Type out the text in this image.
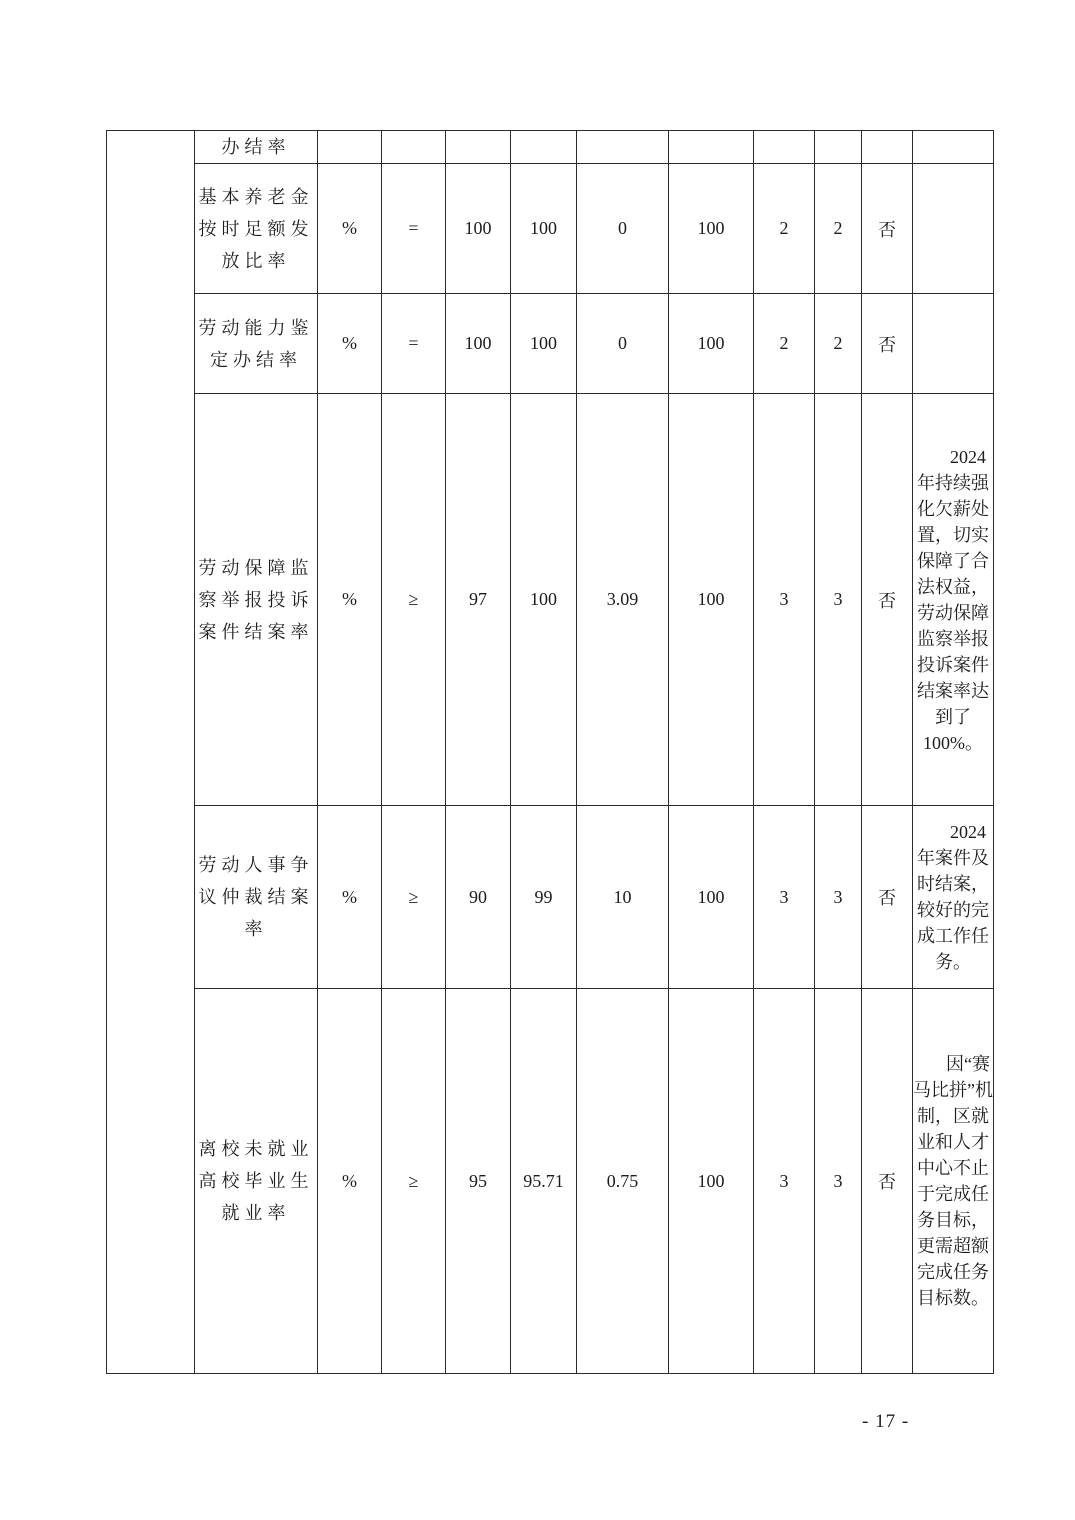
	办结率										

	基本养老金按时足额发放比率	%	=	100	100	0	100	2	2	否	

	劳动能力鉴定办结率	%	=	100	100	0	100	2	2	否	

	劳动保障监察举报投诉案件结案率	%	≥	97	100	3.09	100	3	3	否	2024年持续强化欠薪处置，切实保障了合法权益，劳动保障监察举报投诉案件结案率达到了100%。

	劳动人事争议仲裁结案率	%	≥	90	99	10	100	3	3	否	2024年案件及时结案，较好的完成工作任务。

	离校未就业高校毕业生就业率	%	≥	95	95.71	0.75	100	3	3	否	因“赛马比拼”机制，区就业和人才中心不止于完成任务目标，更需超额完成任务目标数。

- 17 -
